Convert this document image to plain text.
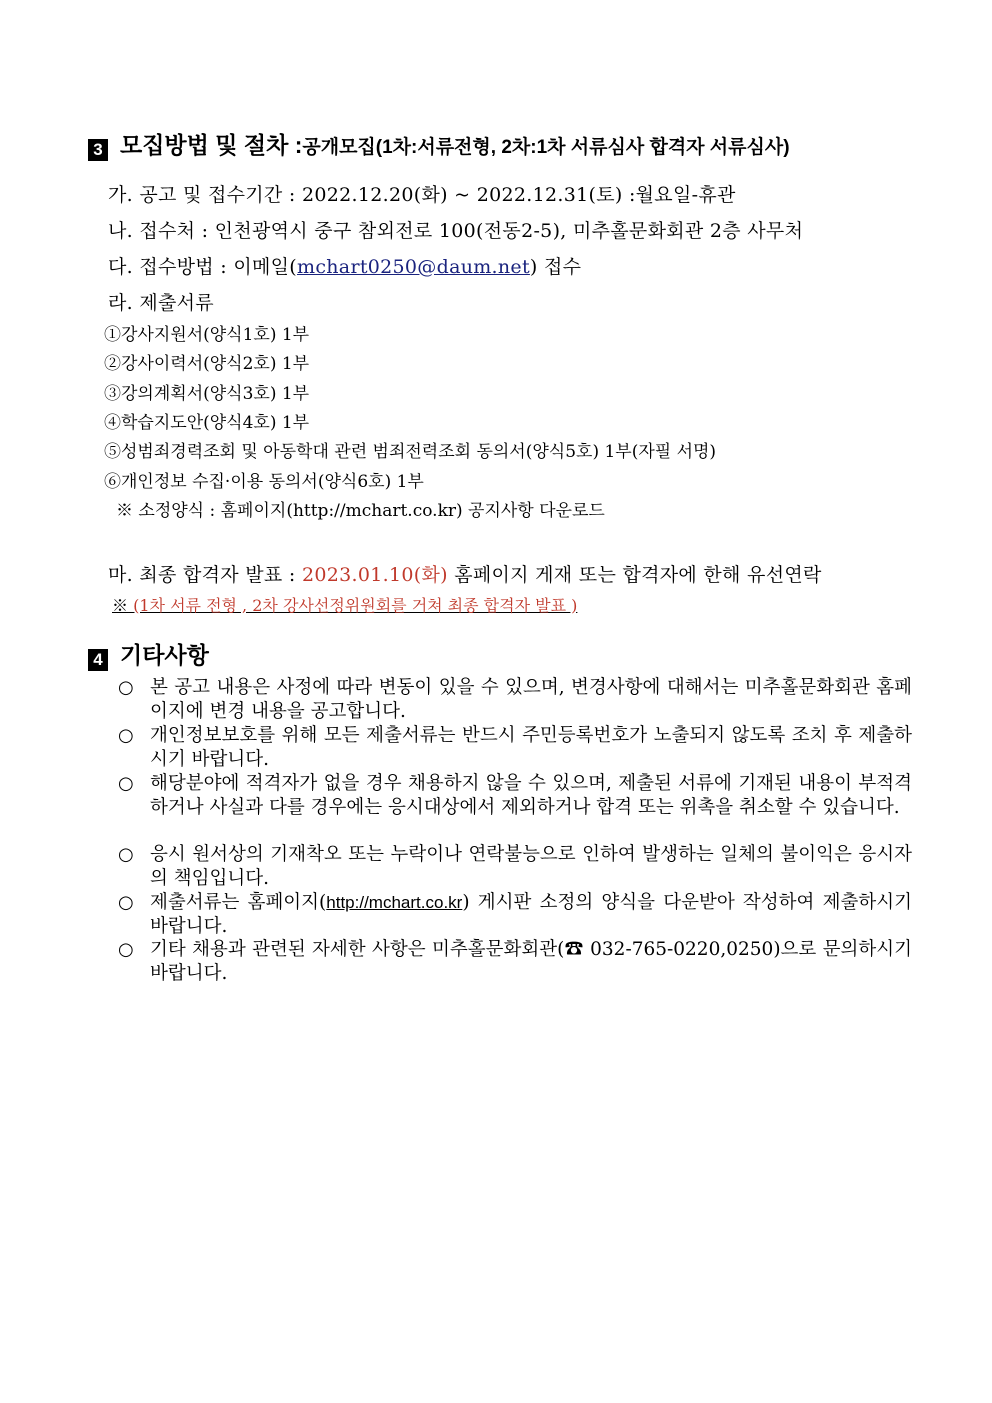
3 모집방법 및 절차 : 공개모집(1차:서류전형, 2차:1차 서류심사 합격자 서류심사)
가. 공고 및 접수기간 : 2022.12.20(화) ~ 2022.12.31(토) :월요일-휴관
나. 접수처 : 인천광역시 중구 참외전로 100(전동2-5), 미추홀문화회관 2층 사무처
다. 접수방법 : 이메일(mchart0250@daum.net) 접수
라. 제출서류
①강사지원서(양식1호) 1부
②강사이력서(양식2호) 1부
③강의계획서(양식3호) 1부
④학습지도안(양식4호) 1부
⑤성범죄경력조회 및 아동학대 관련 범죄전력조회 동의서(양식5호) 1부(자필 서명)
⑥개인정보 수집·이용 동의서(양식6호) 1부
※ 소정양식 : 홈페이지(http://mchart.co.kr) 공지사항 다운로드
마. 최종 합격자 발표 : 2023.01.10(화) 홈페이지 게재 또는 합격자에 한해 유선연락
※ (1차 서류 전형 , 2차 강사선정위원회를 거쳐 최종 합격자 발표 )
4 기타사항
○ 본 공고 내용은 사정에 따라 변동이 있을 수 있으며, 변경사항에 대해서는 미추홀문화회관 홈페이지에 변경 내용을 공고합니다.
○ 개인정보보호를 위해 모든 제출서류는 반드시 주민등록번호가 노출되지 않도록 조치 후 제출하시기 바랍니다.
○ 해당분야에 적격자가 없을 경우 채용하지 않을 수 있으며, 제출된 서류에 기재된 내용이 부적격하거나 사실과 다를 경우에는 응시대상에서 제외하거나 합격 또는 위촉을 취소할 수 있습니다.
○ 응시 원서상의 기재착오 또는 누락이나 연락불능으로 인하여 발생하는 일체의 불이익은 응시자의 책임입니다.
○ 제출서류는 홈페이지(http://mchart.co.kr) 게시판 소정의 양식을 다운받아 작성하여 제출하시기 바랍니다.
○ 기타 채용과 관련된 자세한 사항은 미추홀문화회관(☎ 032-765-0220,0250)으로 문의하시기 바랍니다.
